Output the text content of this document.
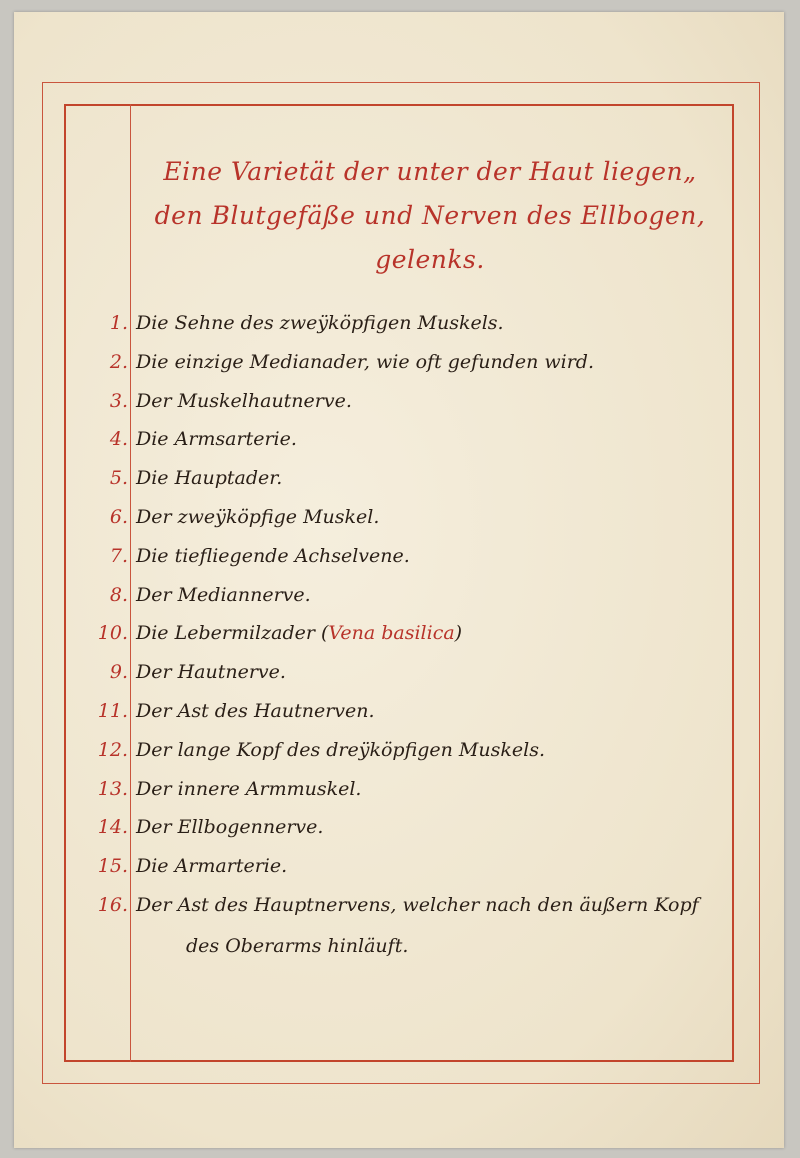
Eine Varietät der unter der Haut liegen„
den Blutgefäße und Nerven des Ellbogen,
gelenks.
1. Die Sehne des zweÿköpfigen Muskels.
2. Die einzige Medianader, wie oft gefunden wird.
3. Der Muskelhautnerve.
4. Die Armsarterie.
5. Die Hauptader.
6. Der zweÿköpfige Muskel.
7. Die tiefliegende Achselvene.
8. Der Mediannerve.
10. Die Lebermilzader (Vena basilica)
9. Der Hautnerve.
11. Der Ast des Hautnerven.
12. Der lange Kopf des dreÿköpfigen Muskels.
13. Der innere Armmuskel.
14. Der Ellbogennerve.
15. Die Armarterie.
16. Der Ast des Hauptnervens, welcher nach den äußern Kopf
des Oberarms hinläuft.
